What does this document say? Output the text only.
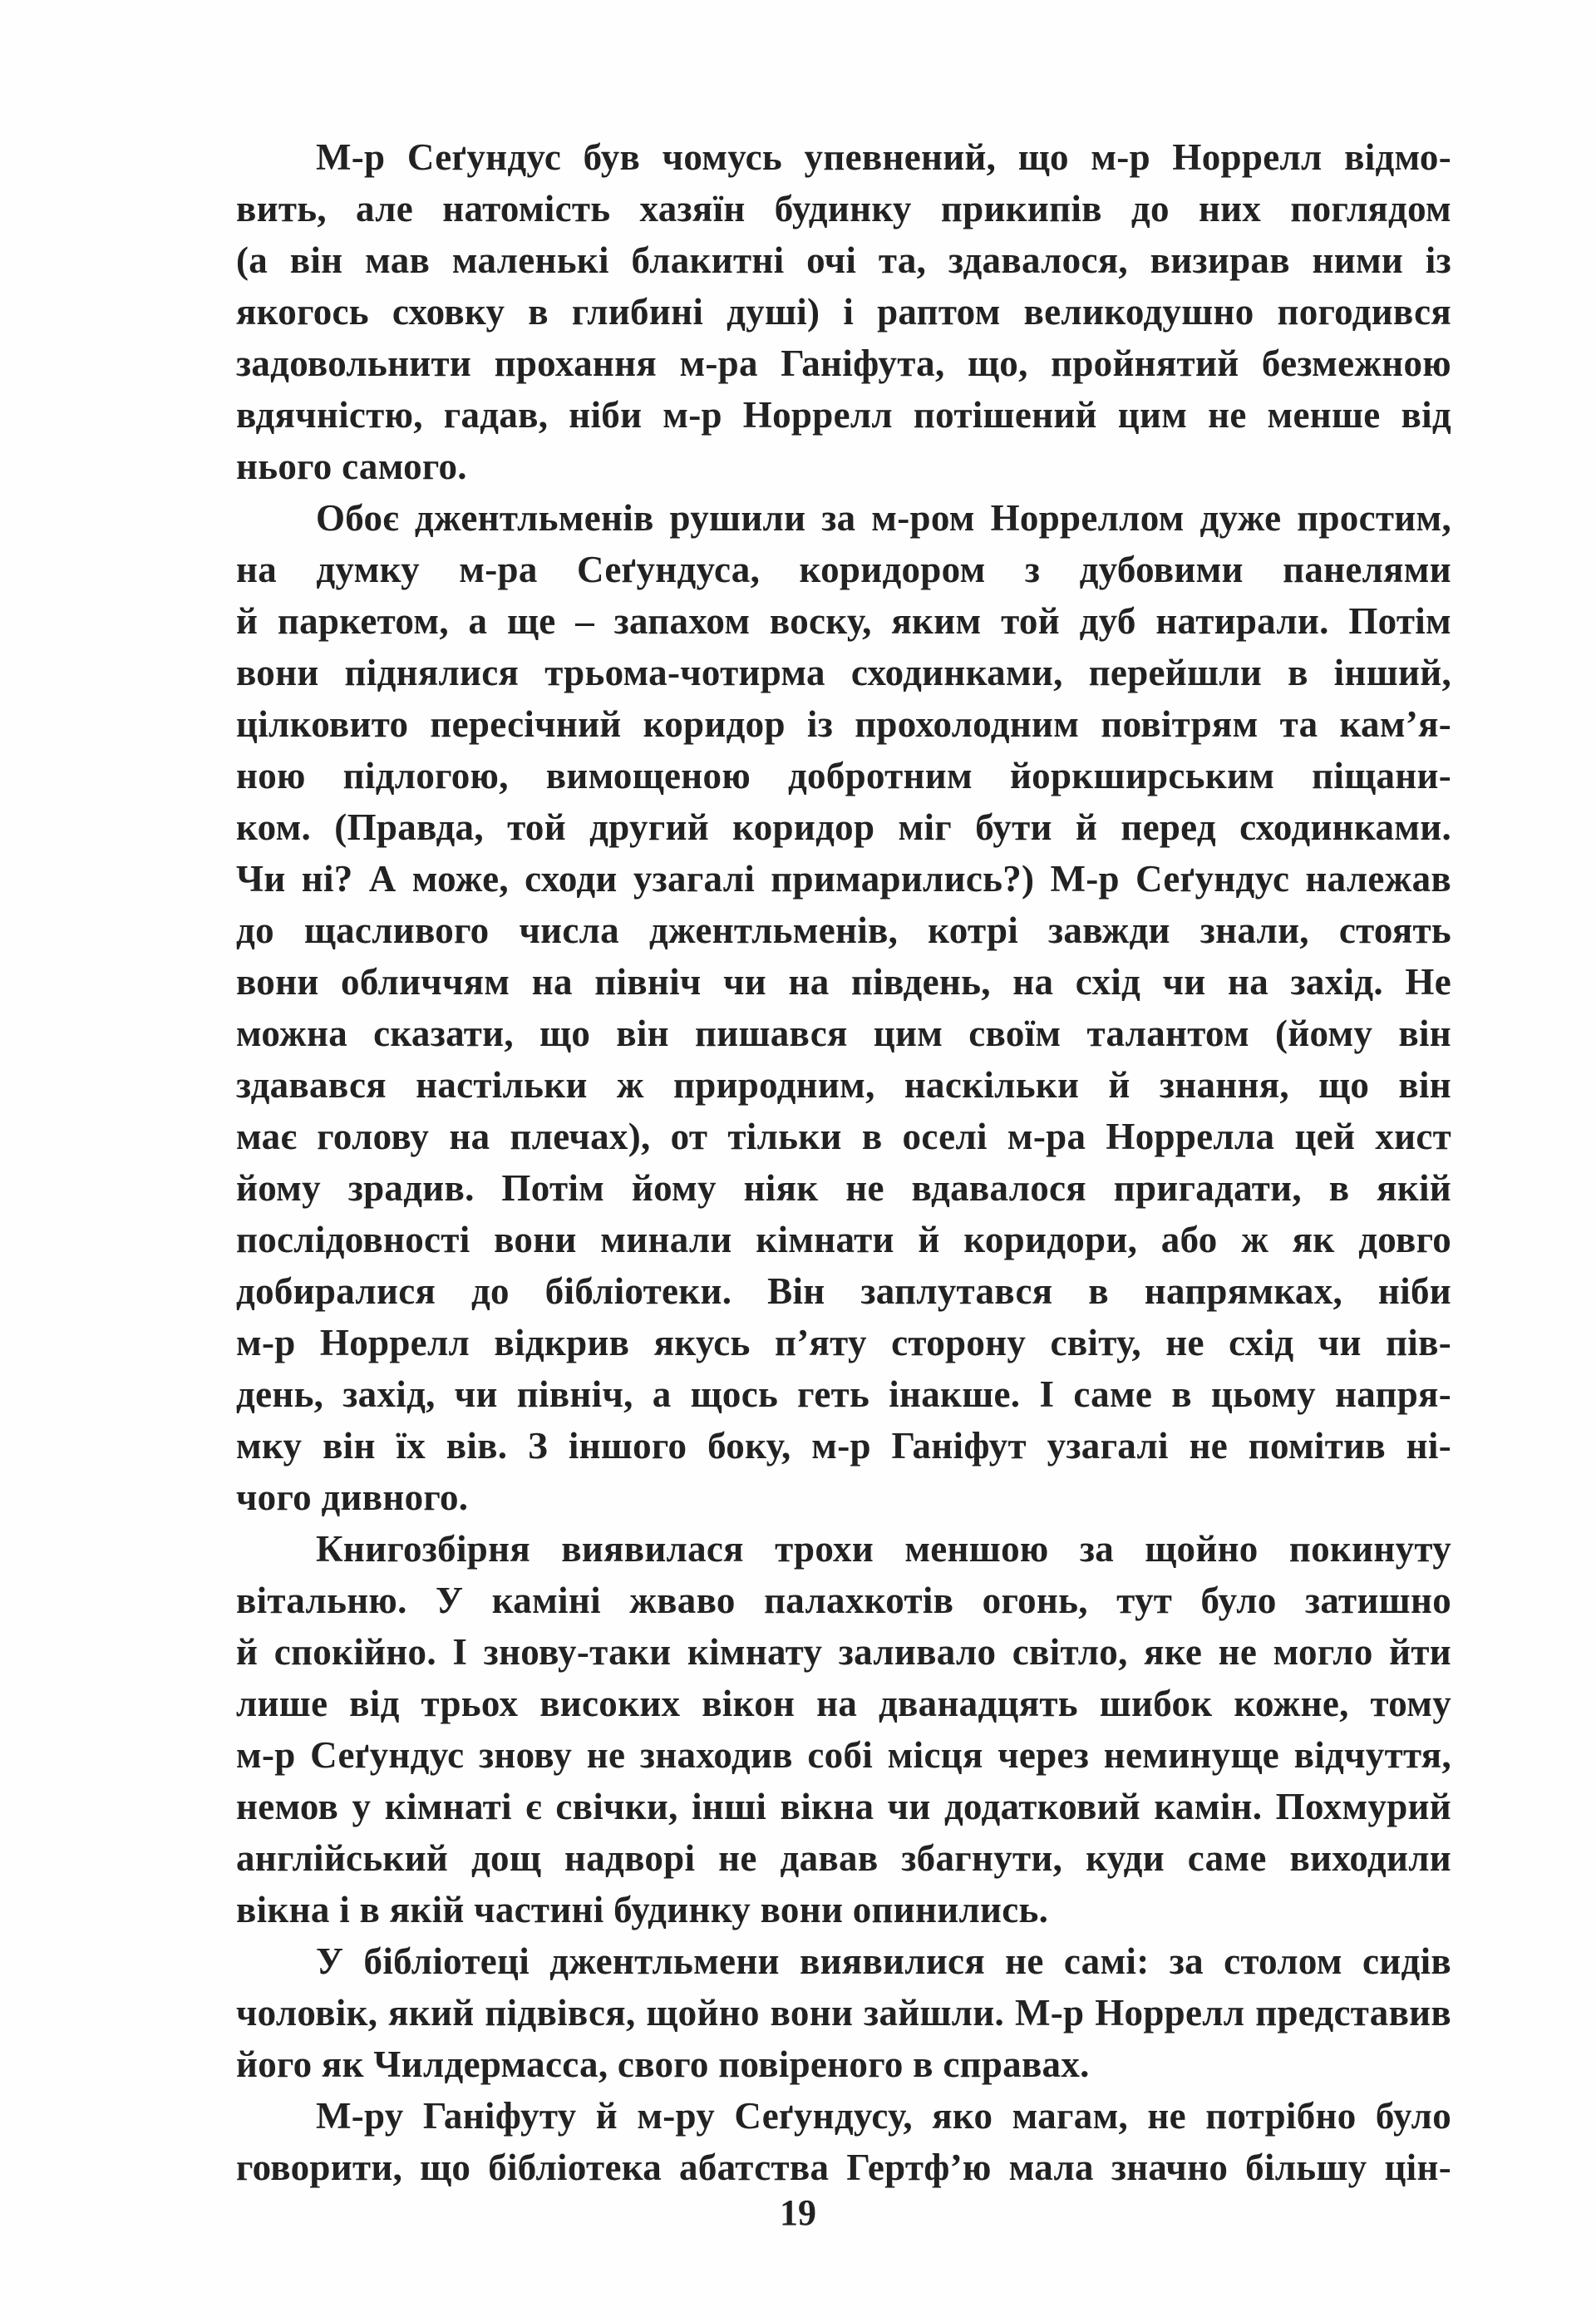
М-р Сеґундус був чомусь упевнений, що м-р Норрелл відмо-
вить, але натомість хазяїн будинку прикипів до них поглядом
(а він мав маленькі блакитні очі та, здавалося, визирав ними із
якогось сховку в глибині душі) і раптом великодушно погодився
задовольнити прохання м-ра Ганіфута, що, пройнятий безмежною
вдячністю, гадав, ніби м-р Норрелл потішений цим не менше від
нього самого.
Обоє джентльменів рушили за м-ром Норреллом дуже простим,
на думку м-ра Сеґундуса, коридором з дубовими панелями
й паркетом, а ще – запахом воску, яким той дуб натирали. Потім
вони піднялися трьома-чотирма сходинками, перейшли в інший,
цілковито пересічний коридор із прохолодним повітрям та кам’я-
ною підлогою, вимощеною добротним йоркширським піщани-
ком. (Правда, той другий коридор міг бути й перед сходинками.
Чи ні? А може, сходи узагалі примарились?) М-р Сеґундус належав
до щасливого числа джентльменів, котрі завжди знали, стоять
вони обличчям на північ чи на південь, на схід чи на захід. Не
можна сказати, що він пишався цим своїм талантом (йому він
здавався настільки ж природним, наскільки й знання, що він
має голову на плечах), от тільки в оселі м-ра Норрелла цей хист
йому зрадив. Потім йому ніяк не вдавалося пригадати, в якій
послідовності вони минали кімнати й коридори, або ж як довго
добиралися до бібліотеки. Він заплутався в напрямках, ніби
м-р Норрелл відкрив якусь п’яту сторону світу, не схід чи пів-
день, захід, чи північ, а щось геть інакше. І саме в цьому напря-
мку він їх вів. З іншого боку, м-р Ганіфут узагалі не помітив ні-
чого дивного.
Книгозбірня виявилася трохи меншою за щойно покинуту
вітальню. У каміні жваво палахкотів огонь, тут було затишно
й спокійно. І знову-таки кімнату заливало світло, яке не могло йти
лише від трьох високих вікон на дванадцять шибок кожне, тому
м-р Сеґундус знову не знаходив собі місця через неминуще відчуття,
немов у кімнаті є свічки, інші вікна чи додатковий камін. Похмурий
англійський дощ надворі не давав збагнути, куди саме виходили
вікна і в якій частині будинку вони опинились.
У бібліотеці джентльмени виявилися не самі: за столом сидів
чоловік, який підвівся, щойно вони зайшли. М-р Норрелл представив
його як Чилдермасса, свого повіреного в справах.
М-ру Ганіфуту й м-ру Сеґундусу, яко магам, не потрібно було
говорити, що бібліотека абатства Гертф’ю мала значно більшу цін-
19
